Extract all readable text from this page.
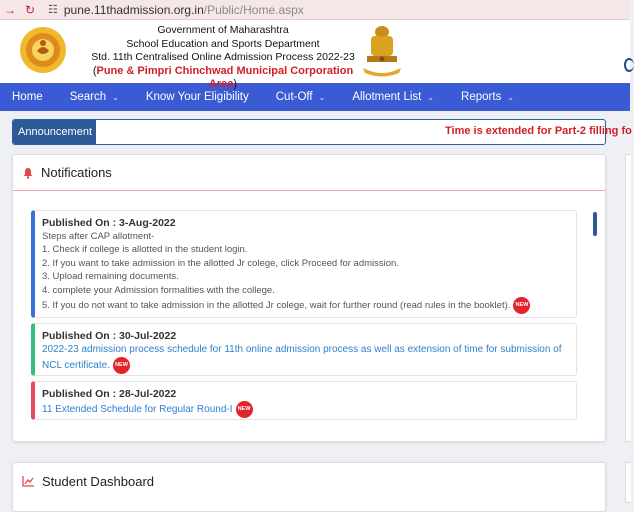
→ ↻ ☷ pune.11thadmission.org.in/Public/Home.aspx
Government of Maharashtra
School Education and Sports Department
Std. 11th Centralised Online Admission Process 2022-23
(Pune & Pimpri Chinchwad Municipal Corporation Area)
Home Search ⌄ Know Your Eligibility Cut-Off ⌄ Allotment List ⌄ Reports ⌄
Announcement	Time is extended for Part-2 filling fo
Notifications
Published On : 3-Aug-2022
Steps after CAP allotment-
1. Check if college is allotted in the student login.
2. If you want to take admission in the allotted Jr colege, click Proceed for admission.
3. Upload remaining documents.
4. complete your Admission formalities with the college.
5. If you do not want to take admission in the allotted Jr colege, wait for further round (read rules in the booklet). NEW
Published On : 30-Jul-2022
2022-23 admission process schedule for 11th online admission process as well as extension of time for submission of
NCL certificate. NEW
Published On : 28-Jul-2022
11 Extended Schedule for Regular Round-I NEW
Student Dashboard
